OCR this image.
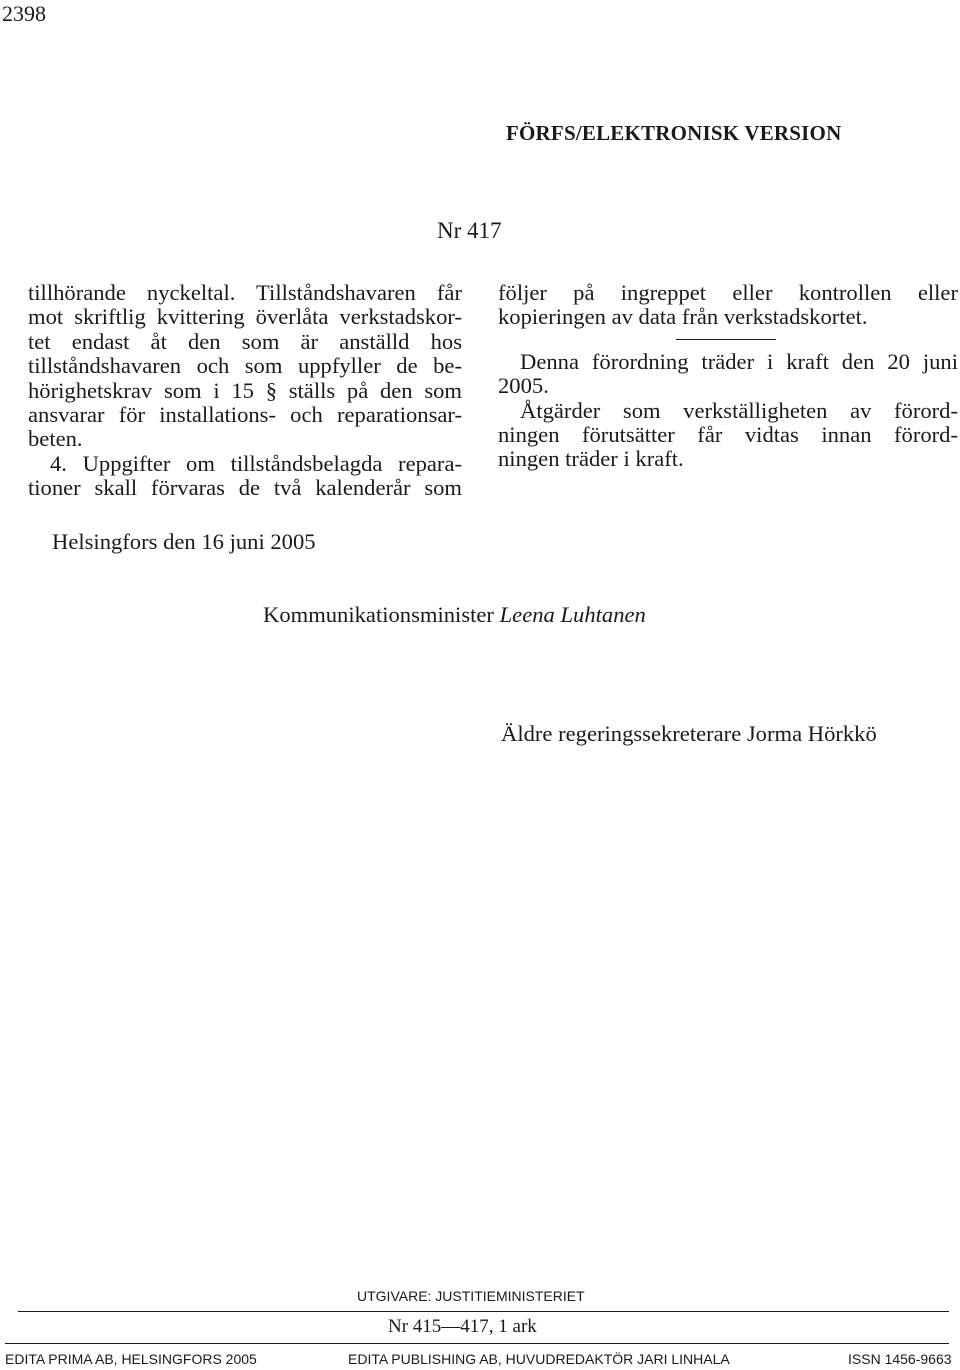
2398
FÖRFS/ELEKTRONISK VERSION
Nr 417

tillhörande nyckeltal. Tillståndshavaren får

mot skriftlig kvittering överlåta verkstadskor-

tet endast åt den som är anställd hos

tillståndshavaren och som uppfyller de be-

hörighetskrav som i 15 § ställs på den som

ansvarar för installations- och reparationsar-

beten.

4. Uppgifter om tillståndsbelagda repara-

tioner skall förvaras de två kalenderår som

följer på ingreppet eller kontrollen eller

kopieringen av data från verkstadskortet.

Denna förordning träder i kraft den 20 juni

2005.

Åtgärder som verkställigheten av förord-

ningen förutsätter får vidtas innan förord-

ningen träder i kraft.

Helsingfors den 16 juni 2005
Kommunikationsminister Leena Luhtanen
Äldre regeringssekreterare Jorma Hörkkö
UTGIVARE: JUSTITIEMINISTERIET
Nr 415—417, 1 ark
EDITA PRIMA AB, HELSINGFORS 2005	EDITA PUBLISHING AB, HUVUDREDAKTÖR JARI LINHALA	ISSN 1456-9663
